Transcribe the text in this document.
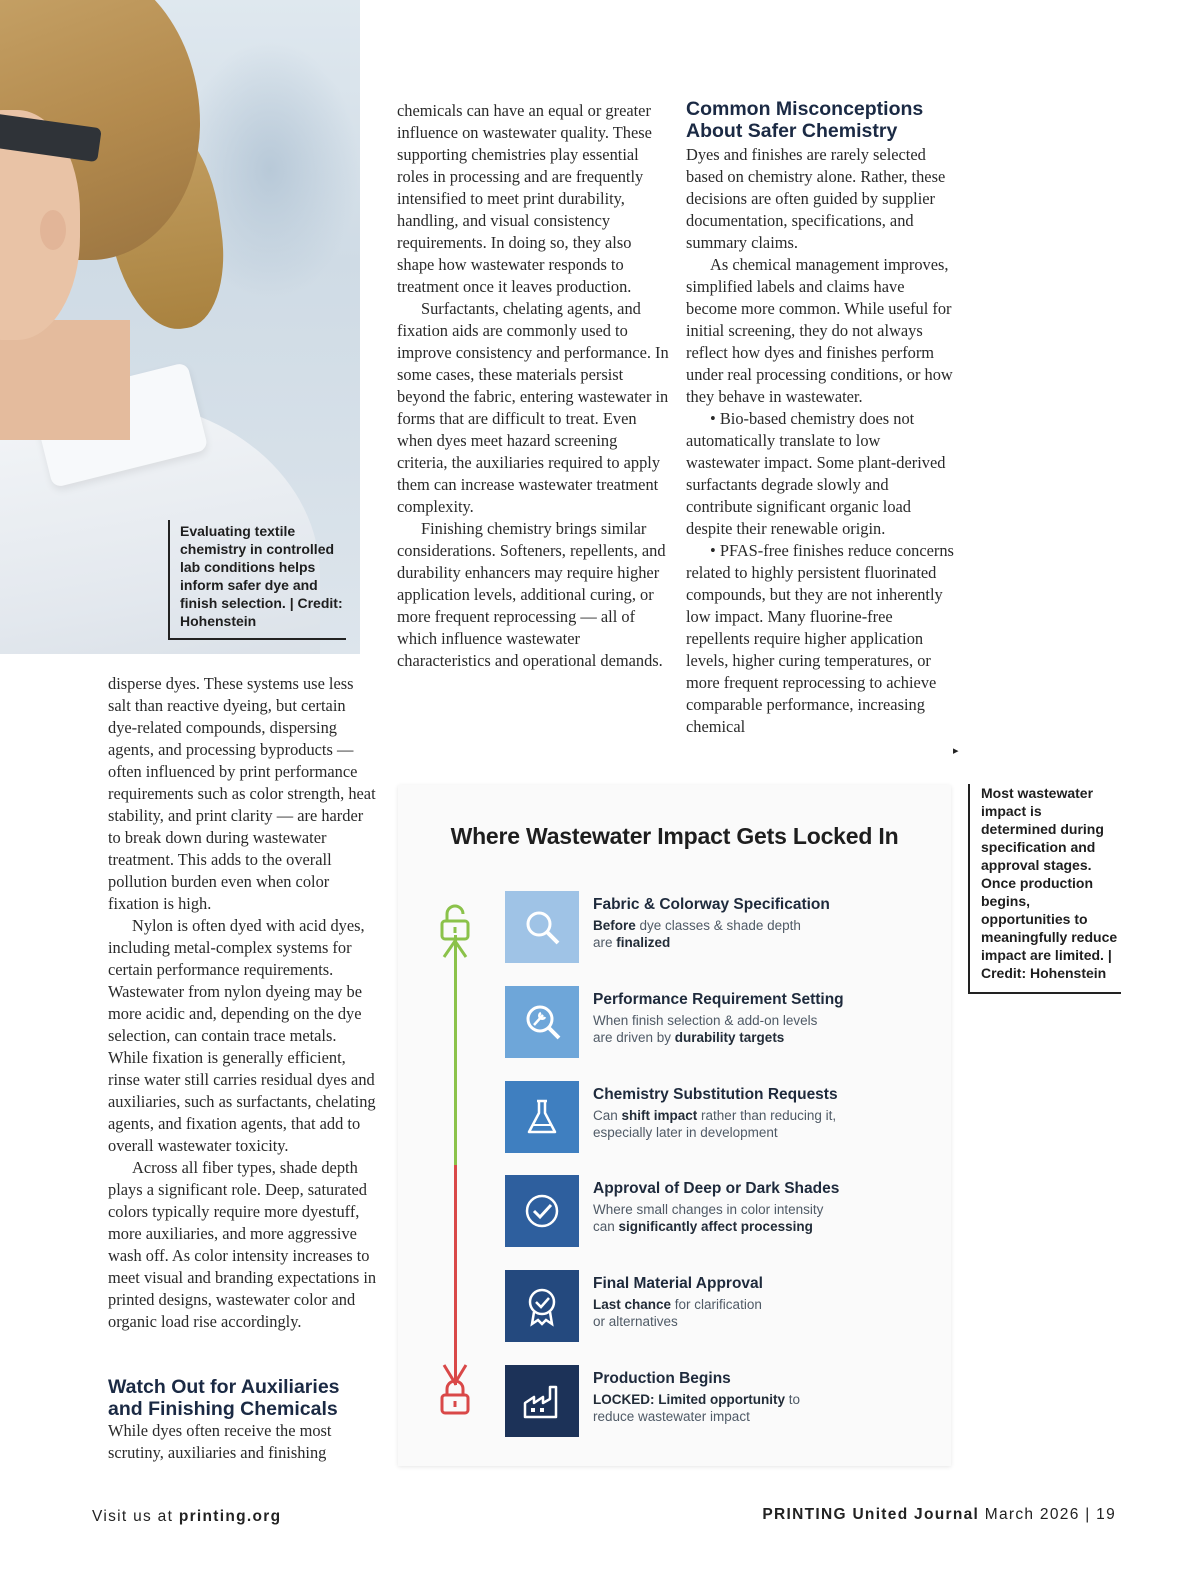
Evaluating textile chemistry in controlled lab conditions helps inform safer dye and finish selection. | Credit: Hohenstein

disperse dyes. These systems use less salt than reactive dyeing, but certain dye-related compounds, dispersing agents, and processing byproducts — often influenced by print performance requirements such as color strength, heat stability, and print clarity — are harder to break down during wastewater treatment. This adds to the overall pollution burden even when color fixation is high.

Nylon is often dyed with acid dyes, including metal-complex systems for certain performance requirements. Wastewater from nylon dyeing may be more acidic and, depending on the dye selection, can contain trace metals. While fixation is generally efficient, rinse water still carries residual dyes and auxiliaries, such as surfactants, chelating agents, and fixation agents, that add to overall wastewater toxicity.

Across all fiber types, shade depth plays a significant role. Deep, saturated colors typically require more dyestuff, more auxiliaries, and more aggressive wash off. As color intensity increases to meet visual and branding expectations in printed designs, wastewater color and organic load rise accordingly.

Watch Out for Auxiliaries and Finishing Chemicals

While dyes often receive the most scrutiny, auxiliaries and finishing

chemicals can have an equal or greater influence on wastewater quality. These supporting chemistries play essential roles in processing and are frequently intensified to meet print durability, handling, and visual consistency requirements. In doing so, they also shape how wastewater responds to treatment once it leaves production.

Surfactants, chelating agents, and fixation aids are commonly used to improve consistency and performance. In some cases, these materials persist beyond the fabric, entering wastewater in forms that are difficult to treat. Even when dyes meet hazard screening criteria, the auxiliaries required to apply them can increase wastewater treatment complexity.

Finishing chemistry brings similar considerations. Softeners, repellents, and durability enhancers may require higher application levels, additional curing, or more frequent reprocessing — all of which influence wastewater characteristics and operational demands.

Common Misconceptions About Safer Chemistry

Dyes and finishes are rarely selected based on chemistry alone. Rather, these decisions are often guided by supplier documentation, specifications, and summary claims.

As chemical management improves, simplified labels and claims have become more common. While useful for initial screening, they do not always reflect how dyes and finishes perform under real processing conditions, or how they behave in wastewater.

• Bio-based chemistry does not automatically translate to low wastewater impact. Some plant-derived surfactants degrade slowly and contribute significant organic load despite their renewable origin.

• PFAS-free finishes reduce concerns related to highly persistent fluorinated compounds, but they are not inherently low impact. Many fluorine-free repellents require higher application levels, higher curing temperatures, or more frequent reprocessing to achieve comparable performance, increasing chemical

▸
Where Wastewater Impact Gets Locked In
Fabric & Colorway Specification
Before dye classes & shade depth
are finalized
Performance Requirement Setting
When finish selection & add-on levels
are driven by durability targets
Chemistry Substitution Requests
Can shift impact rather than reducing it, especially later in development
Approval of Deep or Dark Shades
Where small changes in color intensity
can significantly affect processing
Final Material Approval
Last chance for clarification
or alternatives
Production Begins
LOCKED: Limited opportunity to
reduce wastewater impact
Most wastewater impact is determined during specification and approval stages. Once production begins, opportunities to meaningfully reduce impact are limited. | Credit: Hohenstein
Visit us at printing.org	PRINTING United Journal March 2026 | 19
